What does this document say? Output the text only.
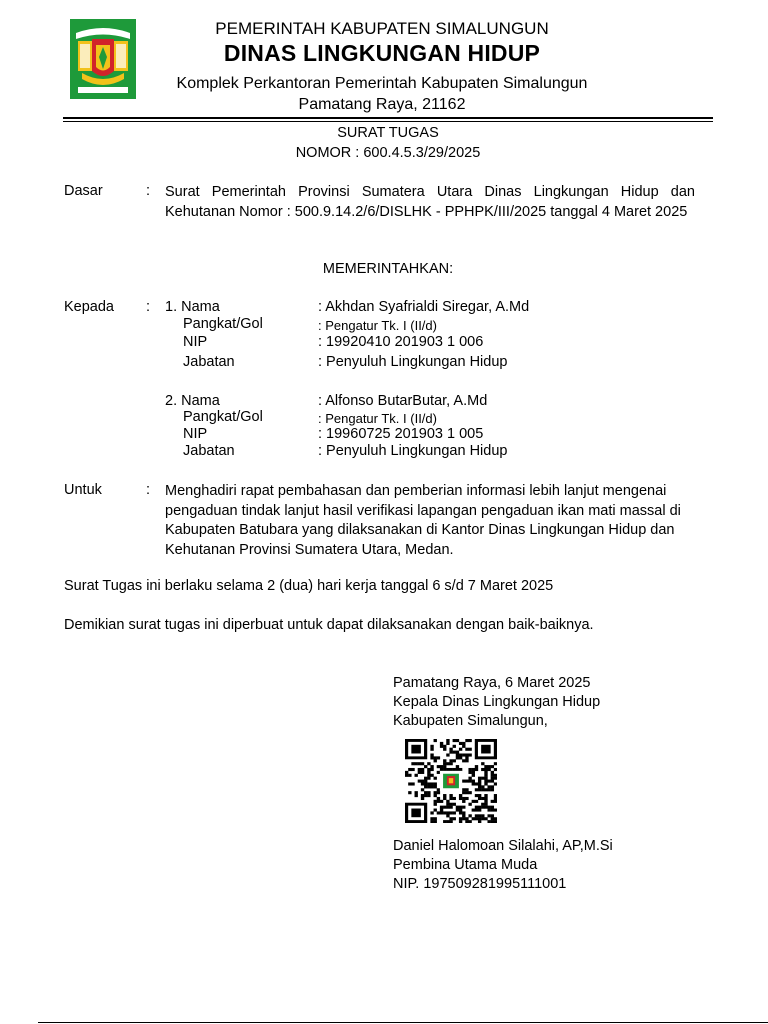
PEMERINTAH KABUPATEN SIMALUNGUN
DINAS LINGKUNGAN HIDUP
Komplek Perkantoran Pemerintah Kabupaten Simalungun
Pamatang Raya, 21162
SURAT TUGAS
NOMOR : 600.4.5.3/29/2025
Dasar	: Surat Pemerintah Provinsi Sumatera Utara Dinas Lingkungan Hidup dan Kehutanan Nomor : 500.9.14.2/6/DISLHK - PPHPK/III/2025 tanggal 4 Maret 2025
MEMERINTAHKAN:
Kepada : 1. Nama	: Akhdan Syafrialdi Siregar, A.Md
Pangkat/Gol	: Pengatur Tk. I (II/d)
NIP	: 19920410 201903 1 006
Jabatan	: Penyuluh Lingkungan Hidup
2. Nama	: Alfonso ButarButar, A.Md
Pangkat/Gol	: Pengatur Tk. I (II/d)
NIP	: 19960725 201903 1 005
Jabatan	: Penyuluh Lingkungan Hidup
Untuk	: Menghadiri rapat pembahasan dan pemberian informasi lebih lanjut mengenai pengaduan tindak lanjut hasil verifikasi lapangan pengaduan ikan mati massal di Kabupaten Batubara yang dilaksanakan di Kantor Dinas Lingkungan Hidup dan Kehutanan Provinsi Sumatera Utara, Medan.
Surat Tugas ini berlaku selama 2 (dua) hari kerja tanggal 6 s/d 7 Maret 2025
Demikian surat tugas ini diperbuat untuk dapat dilaksanakan dengan baik-baiknya.
Pamatang Raya, 6 Maret 2025
Kepala Dinas Lingkungan Hidup
Kabupaten Simalungun,
Daniel Halomoan Silalahi, AP,M.Si
Pembina Utama Muda
NIP. 197509281995111001
